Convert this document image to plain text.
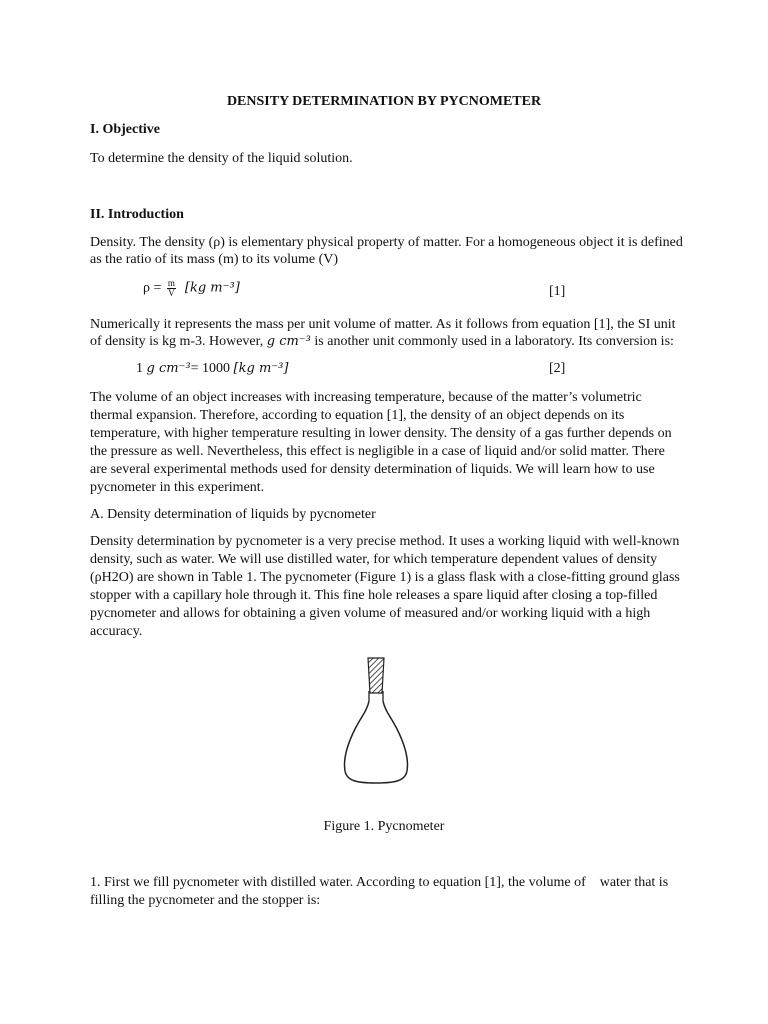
DENSITY DETERMINATION BY PYCNOMETER
I. Objective
To determine the density of the liquid solution.
II. Introduction
Density. The density (ρ) is elementary physical property of matter. For a homogeneous object it is defined
as the ratio of its mass (m) to its volume (V)
$\rho = \frac{m}{V} [kg$ m⁻³]	[1]
Numerically it represents the mass per unit volume of matter. As it follows from equation [1], the SI unit
of density is kg m-3. However, g cm⁻³ is another unit commonly used in a laboratory. Its conversion is:
1 g cm⁻³= 1000 [kg m⁻³]	[2]
The volume of an object increases with increasing temperature, because of the matter’s volumetric
thermal expansion. Therefore, according to equation [1], the density of an object depends on its
temperature, with higher temperature resulting in lower density. The density of a gas further depends on
the pressure as well. Nevertheless, this effect is negligible in a case of liquid and/or solid matter. There
are several experimental methods used for density determination of liquids. We will learn how to use
pycnometer in this experiment.
A. Density determination of liquids by pycnometer
Density determination by pycnometer is a very precise method. It uses a working liquid with well-known
density, such as water. We will use distilled water, for which temperature dependent values of density
(ρH2O) are shown in Table 1. The pycnometer (Figure 1) is a glass flask with a close-fitting ground glass
stopper with a capillary hole through it. This fine hole releases a spare liquid after closing a top-filled
pycnometer and allows for obtaining a given volume of measured and/or working liquid with a high
accuracy.
Figure 1. Pycnometer
1. First we fill pycnometer with distilled water. According to equation [1], the volume of    water that is
filling the pycnometer and the stopper is:
